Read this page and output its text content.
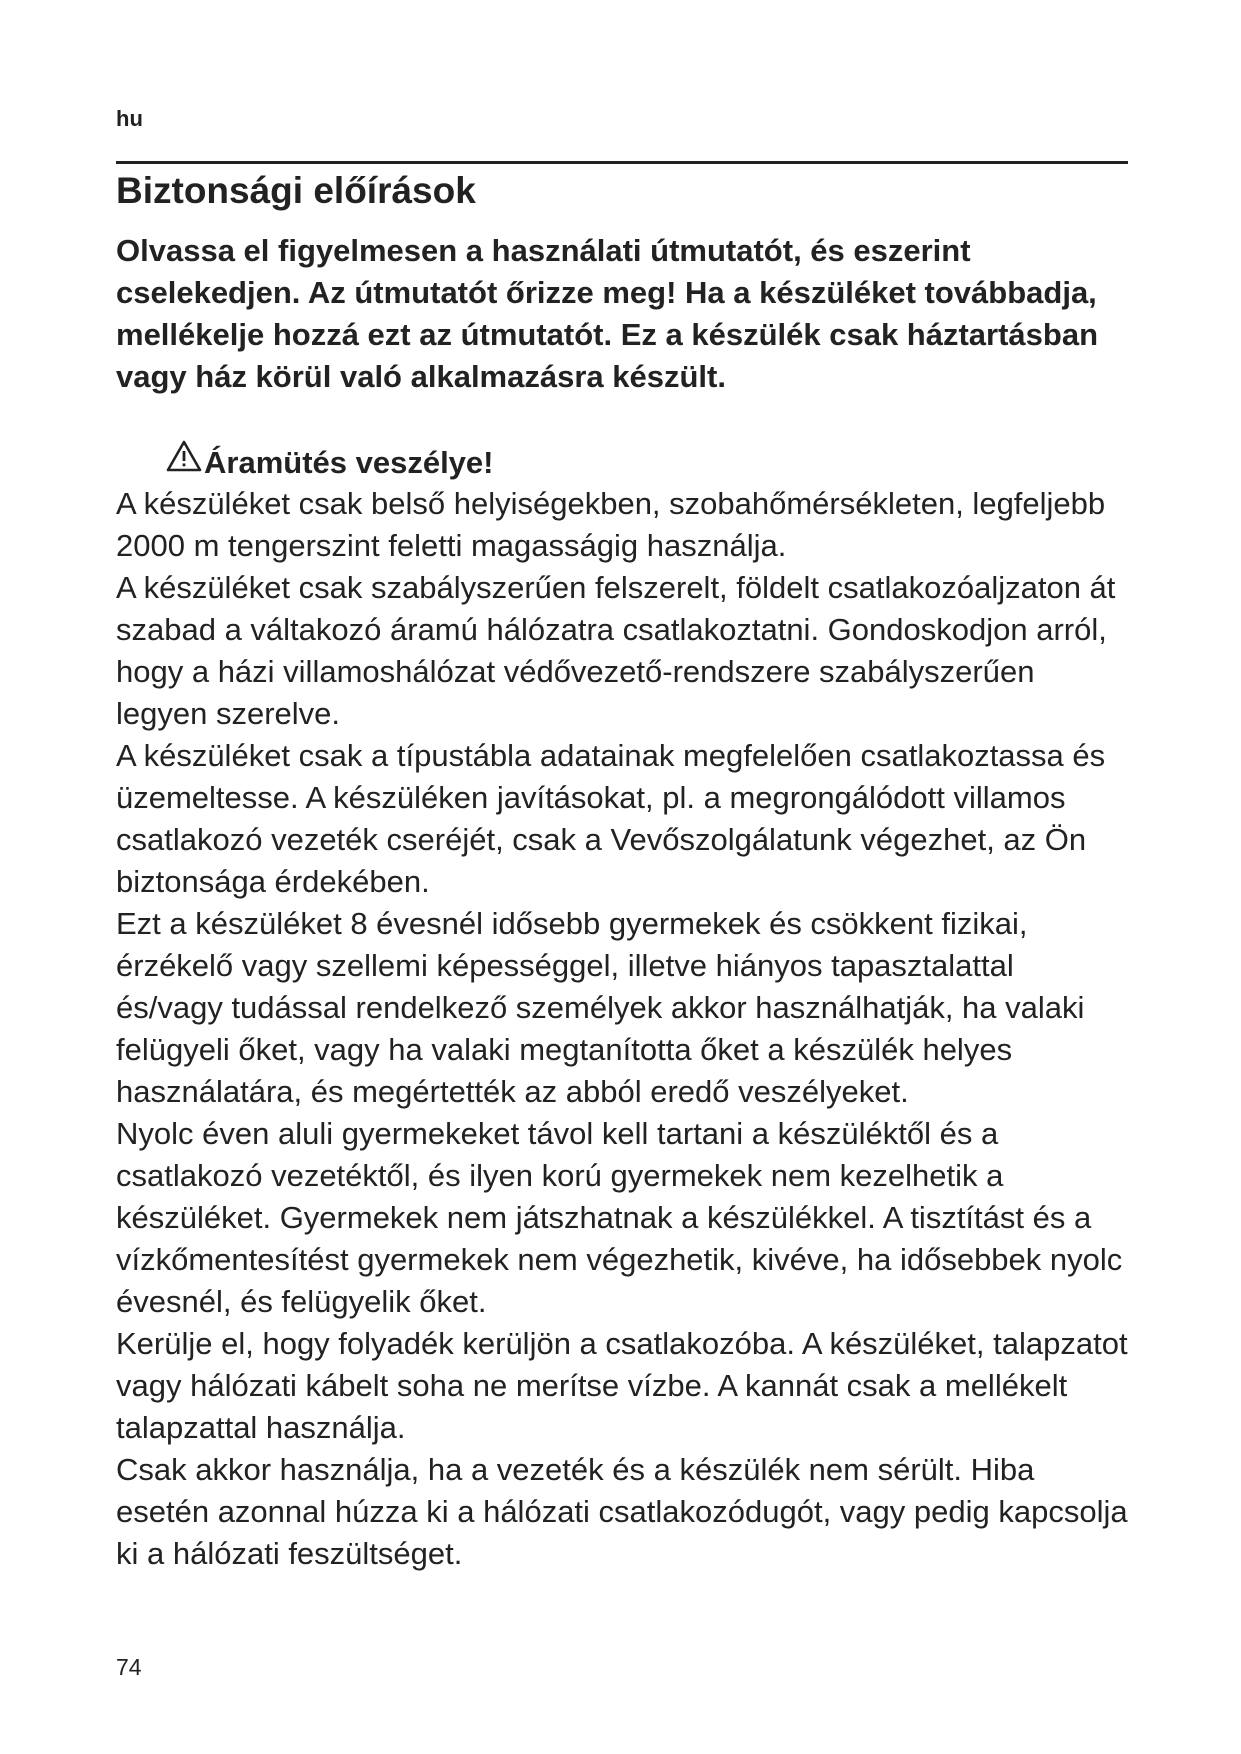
hu
Biztonsági előírások

Olvassa el figyelmesen a használati útmutatót, és eszerint cselekedjen. Az útmutatót őrizze meg! Ha a készüléket továbbadja, mellékelje hozzá ezt az útmutatót. Ez a készülék csak háztartásban vagy ház körül való alkalmazásra készült.

Áramütés veszélye!

A készüléket csak belső helyiségekben, szobahőmérsékleten, legfeljebb 2000 m tengerszint feletti magasságig használja.

A készüléket csak szabályszerűen felszerelt, földelt csatlakozóaljzaton át szabad a váltakozó áramú hálózatra csatlakoztatni. Gondoskodjon arról, hogy a házi villamoshálózat védővezető-rendszere szabályszerűen legyen szerelve.

A készüléket csak a típustábla adatainak megfelelően csatlakoztassa és üzemeltesse. A készüléken javításokat, pl. a megrongálódott villamos csatlakozó vezeték cseréjét, csak a Vevőszolgálatunk végezhet, az Ön biztonsága érdekében.

Ezt a készüléket 8 évesnél idősebb gyermekek és csökkent fizikai, érzékelő vagy szellemi képességgel, illetve hiányos tapasztalattal és/vagy tudással rendelkező személyek akkor használhatják, ha valaki felügyeli őket, vagy ha valaki megtanította őket a készülék helyes használatára, és megértették az abból eredő veszélyeket.

Nyolc éven aluli gyermekeket távol kell tartani a készüléktől és a csatlakozó vezetéktől, és ilyen korú gyermekek nem kezelhetik a készüléket. Gyermekek nem játszhatnak a készülékkel. A tisztítást és a vízkőmentesítést gyermekek nem végezhetik, kivéve, ha idősebbek nyolc évesnél, és felügyelik őket.

Kerülje el, hogy folyadék kerüljön a csatlakozóba. A készüléket, talapzatot vagy hálózati kábelt soha ne merítse vízbe. A kannát csak a mellékelt talapzattal használja.

Csak akkor használja, ha a vezeték és a készülék nem sérült. Hiba esetén azonnal húzza ki a hálózati csatlakozódugót, vagy pedig kapcsolja ki a hálózati feszültséget.

74
